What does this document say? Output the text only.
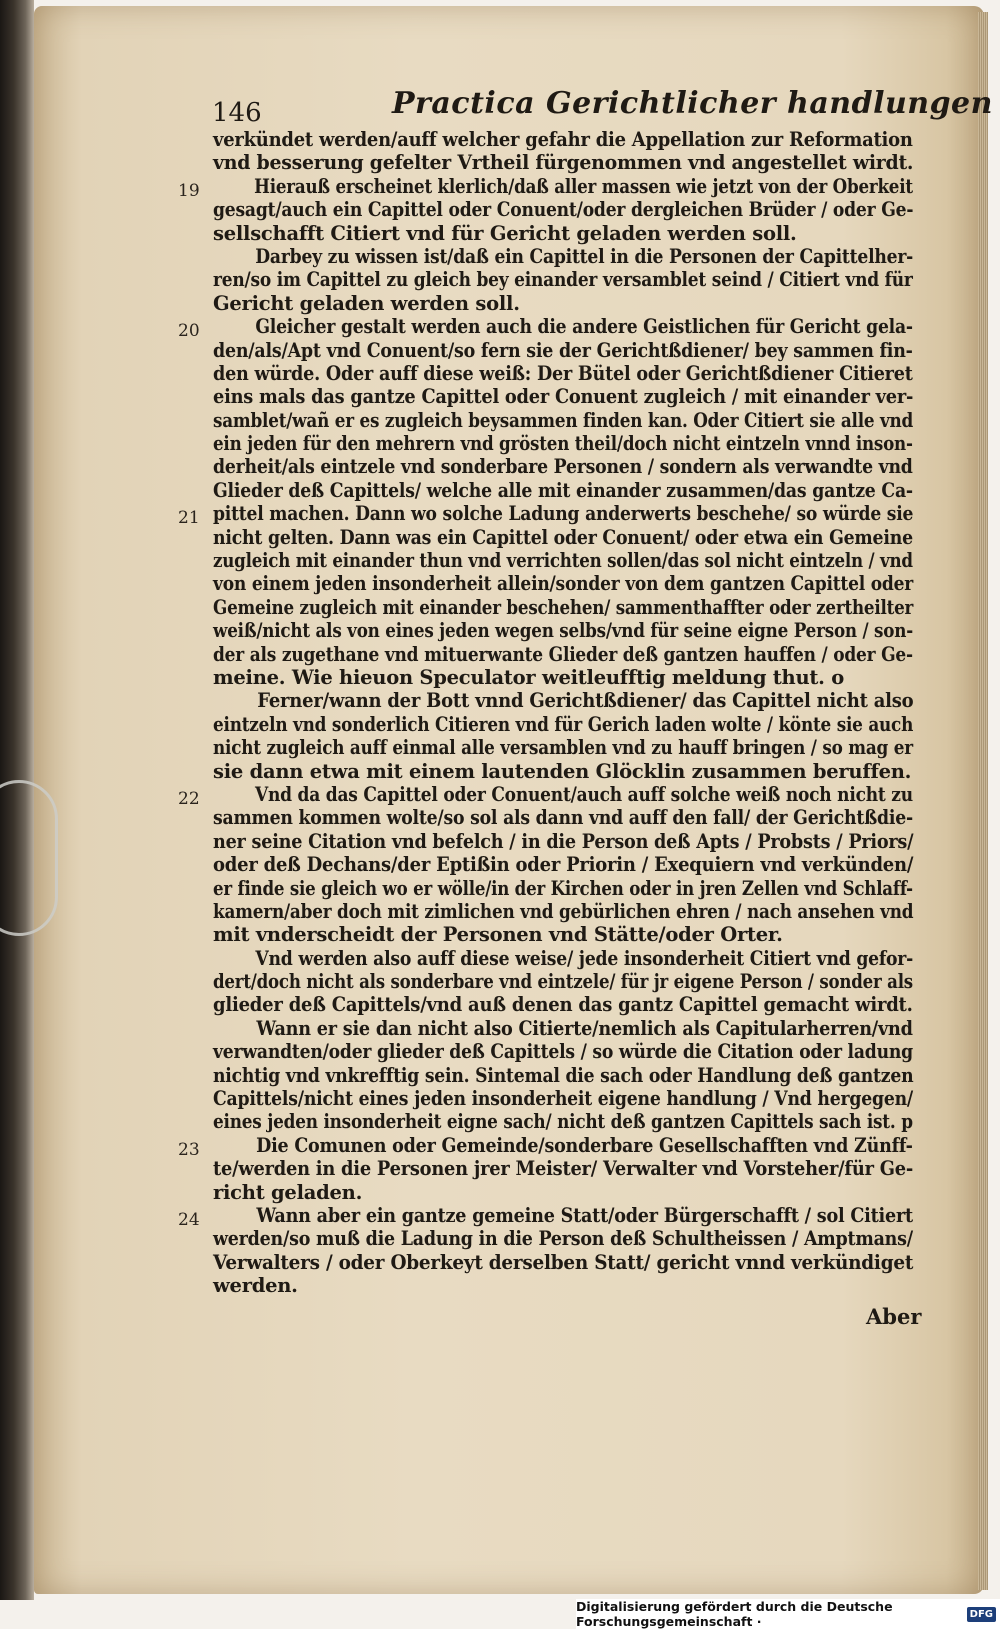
146	Practica Gerichtlicher handlungen
19
20
21
22
23
24
verkündet werden/auff welcher gefahr die Appellation zur Reformation
vnd besserung gefelter Vrtheil fürgenommen vnd angestellet wirdt.
Hierauß erscheinet klerlich/daß aller massen wie jetzt von der Oberkeit
gesagt/auch ein Capittel oder Conuent/oder dergleichen Brüder / oder Ge-
sellschafft Citiert vnd für Gericht geladen werden soll.
Darbey zu wissen ist/daß ein Capittel in die Personen der Capittelher-
ren/so im Capittel zu gleich bey einander versamblet seind / Citiert vnd für
Gericht geladen werden soll.
Gleicher gestalt werden auch die andere Geistlichen für Gericht gela-
den/als/Apt vnd Conuent/so fern sie der Gerichtßdiener/ bey sammen fin-
den würde. Oder auff diese weiß: Der Bütel oder Gerichtßdiener Citieret
eins mals das gantze Capittel oder Conuent zugleich / mit einander ver-
samblet/wañ er es zugleich beysammen finden kan. Oder Citiert sie alle vnd
ein jeden für den mehrern vnd grösten theil/doch nicht eintzeln vnnd inson-
derheit/als eintzele vnd sonderbare Personen / sondern als verwandte vnd
Glieder deß Capittels/ welche alle mit einander zusammen/das gantze Ca-
pittel machen. Dann wo solche Ladung anderwerts beschehe/ so würde sie
nicht gelten. Dann was ein Capittel oder Conuent/ oder etwa ein Gemeine
zugleich mit einander thun vnd verrichten sollen/das sol nicht eintzeln / vnd
von einem jeden insonderheit allein/sonder von dem gantzen Capittel oder
Gemeine zugleich mit einander beschehen/ sammenthaffter oder zertheilter
weiß/nicht als von eines jeden wegen selbs/vnd für seine eigne Person / son-
der als zugethane vnd mituerwante Glieder deß gantzen hauffen / oder Ge-
meine. Wie hieuon Speculator weitleufftig meldung thut. o
Ferner/wann der Bott vnnd Gerichtßdiener/ das Capittel nicht also
eintzeln vnd sonderlich Citieren vnd für Gerich laden wolte / könte sie auch
nicht zugleich auff einmal alle versamblen vnd zu hauff bringen / so mag er
sie dann etwa mit einem lautenden Glöcklin zusammen beruffen.
Vnd da das Capittel oder Conuent/auch auff solche weiß noch nicht zu
sammen kommen wolte/so sol als dann vnd auff den fall/ der Gerichtßdie-
ner seine Citation vnd befelch / in die Person deß Apts / Probsts / Priors/
oder deß Dechans/der Eptißin oder Priorin / Exequiern vnd verkünden/
er finde sie gleich wo er wölle/in der Kirchen oder in jren Zellen vnd Schlaff-
kamern/aber doch mit zimlichen vnd gebürlichen ehren / nach ansehen vnd
mit vnderscheidt der Personen vnd Stätte/oder Orter.
Vnd werden also auff diese weise/ jede insonderheit Citiert vnd gefor-
dert/doch nicht als sonderbare vnd eintzele/ für jr eigene Person / sonder als
glieder deß Capittels/vnd auß denen das gantz Capittel gemacht wirdt.
Wann er sie dan nicht also Citierte/nemlich als Capitularherren/vnd
verwandten/oder glieder deß Capittels / so würde die Citation oder ladung
nichtig vnd vnkrefftig sein. Sintemal die sach oder Handlung deß gantzen
Capittels/nicht eines jeden insonderheit eigene handlung / Vnd hergegen/
eines jeden insonderheit eigne sach/ nicht deß gantzen Capittels sach ist. p
Die Comunen oder Gemeinde/sonderbare Gesellschafften vnd Zünff-
te/werden in die Personen jrer Meister/ Verwalter vnd Vorsteher/für Ge-
richt geladen.
Wann aber ein gantze gemeine Statt/oder Bürgerschafft / sol Citiert
werden/so muß die Ladung in die Person deß Schultheissen / Amptmans/
Verwalters / oder Oberkeyt derselben Statt/ gericht vnnd verkündiget
werden.
Aber
Digitalisierung gefördert durch die Deutsche Forschungsgemeinschaft ·	DFG
